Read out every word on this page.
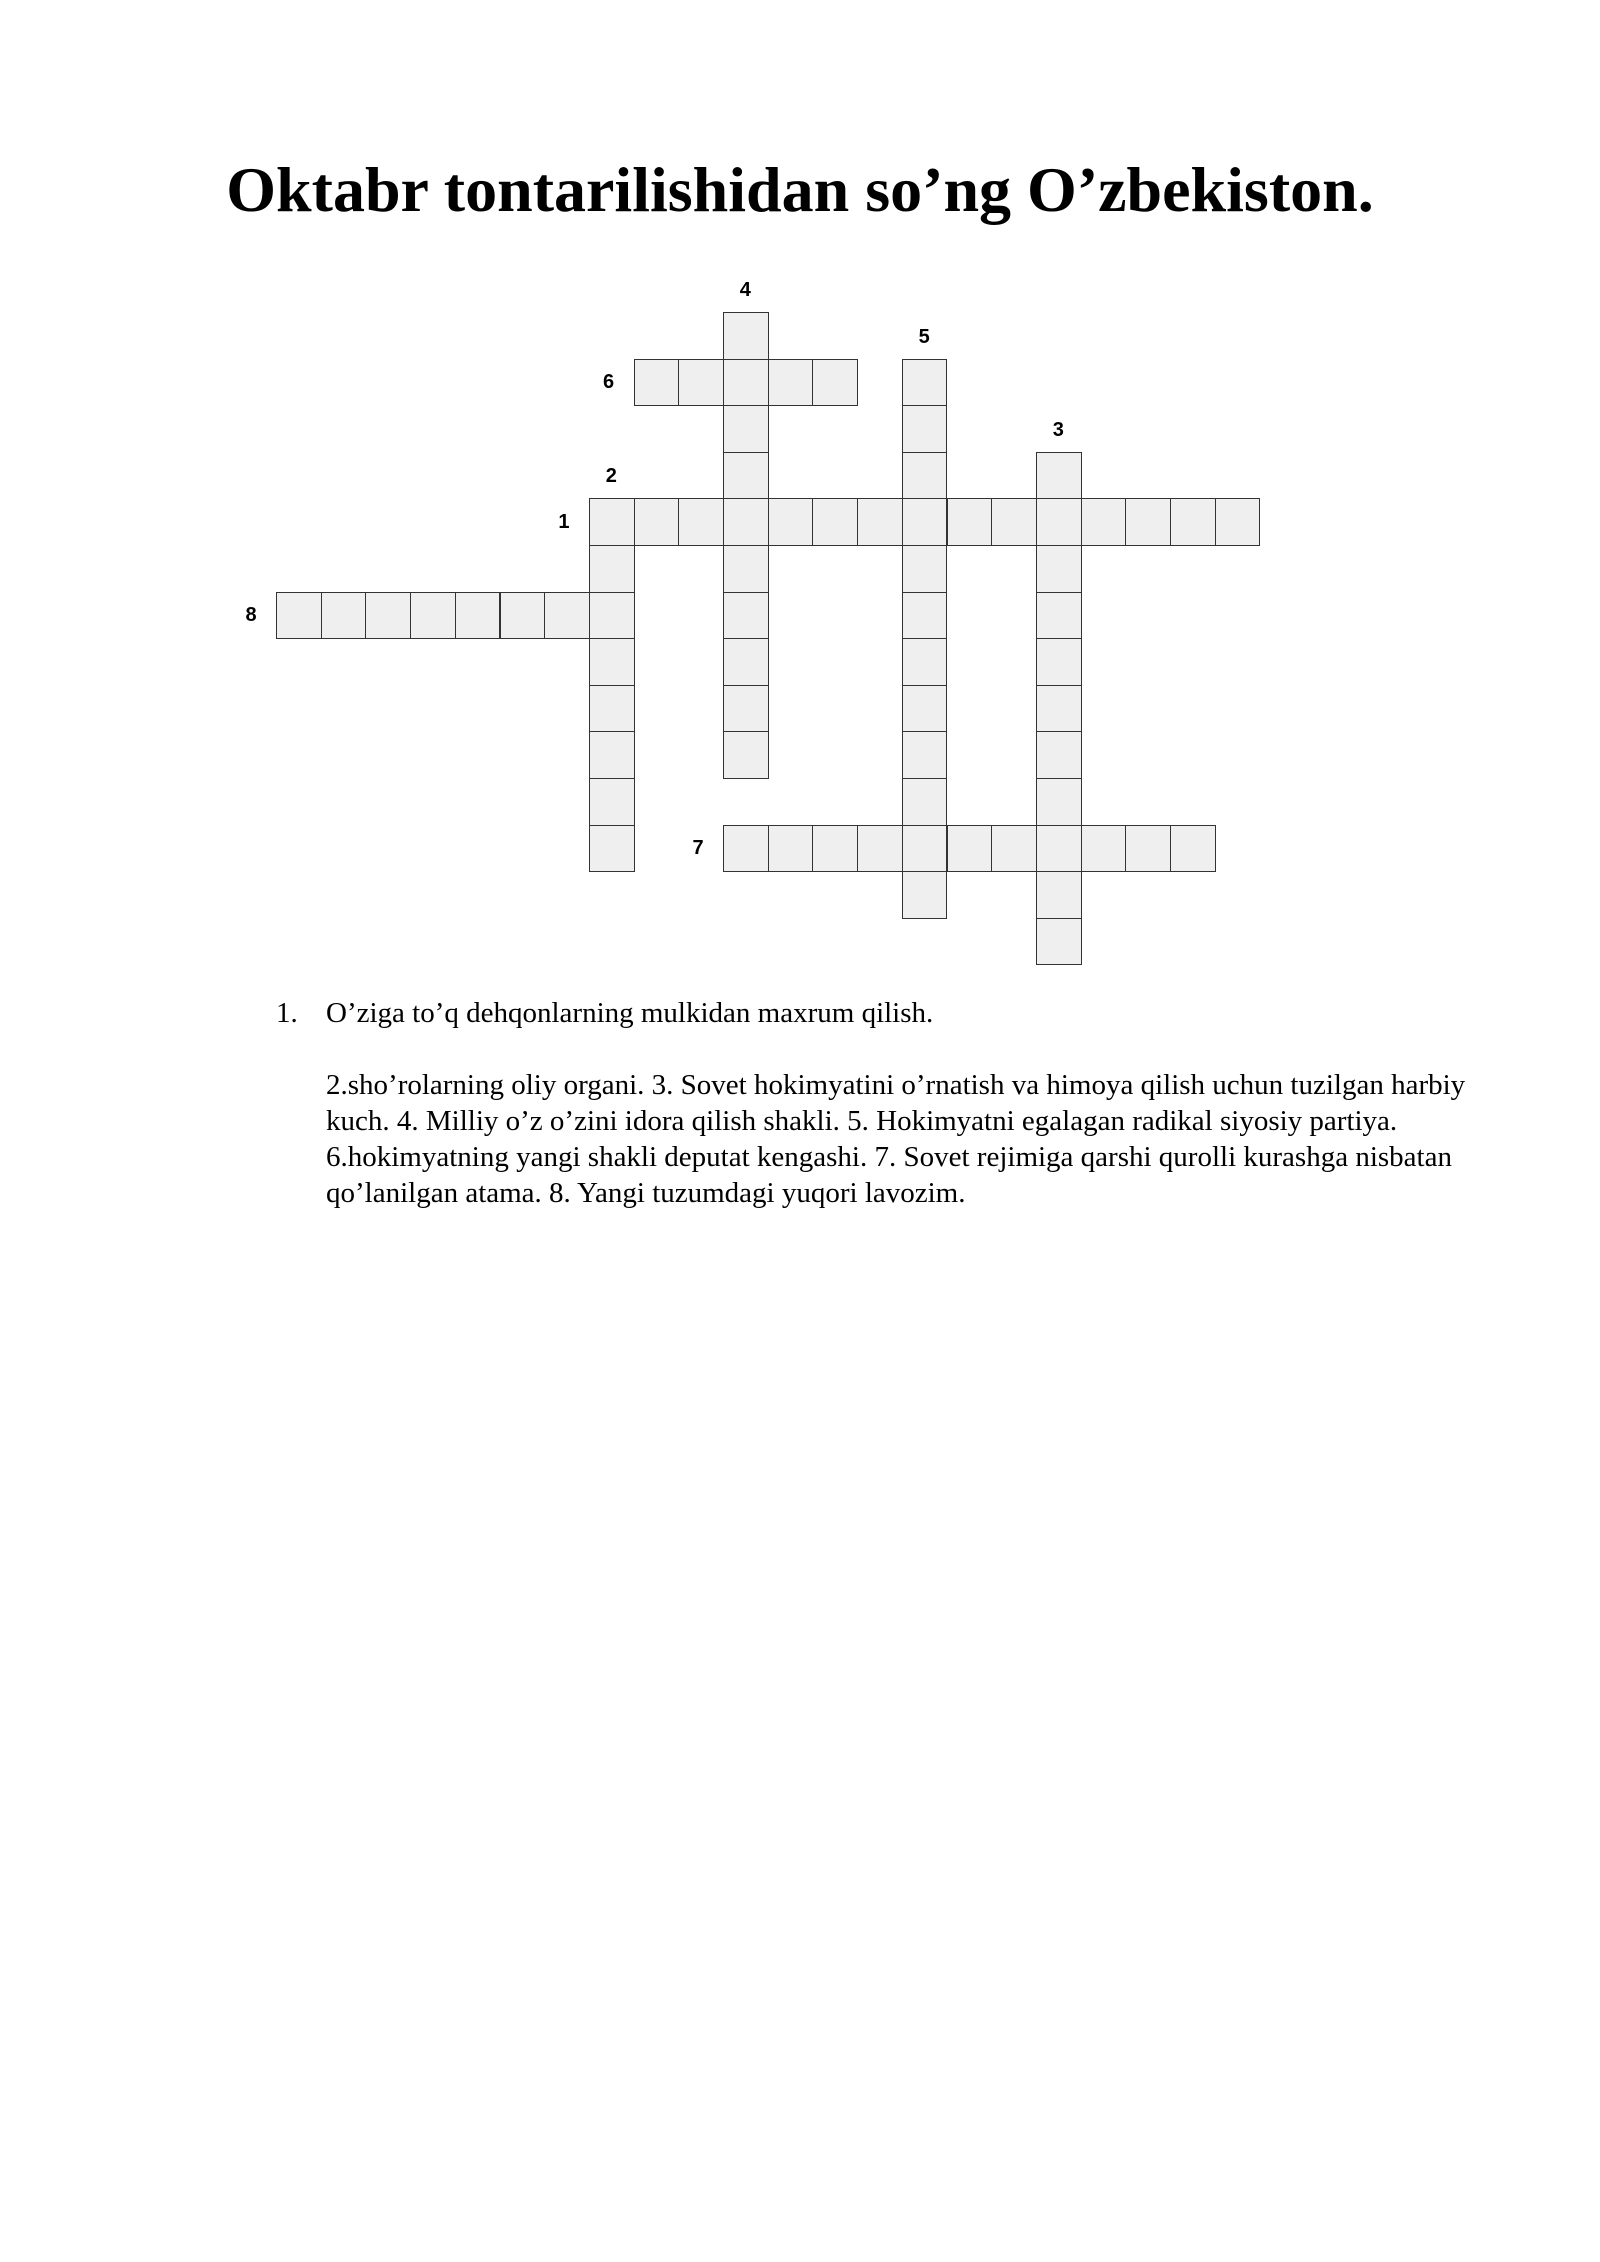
Oktabr tontarilishidan so’ng O’zbekiston.
1
2
3
4
5
6
7
8
1. O’ziga to’q dehqonlarning mulkidan maxrum qilish.
2.sho’rolarning oliy organi. 3. Sovet hokimyatini o’rnatish va himoya qilish uchun tuzilgan harbiy kuch. 4. Milliy o’z o’zini idora qilish shakli. 5. Hokimyatni egalagan radikal siyosiy partiya. 6.hokimyatning yangi shakli deputat kengashi. 7. Sovet rejimiga qarshi qurolli kurashga nisbatan qo’lanilgan atama. 8. Yangi tuzumdagi yuqori lavozim.
